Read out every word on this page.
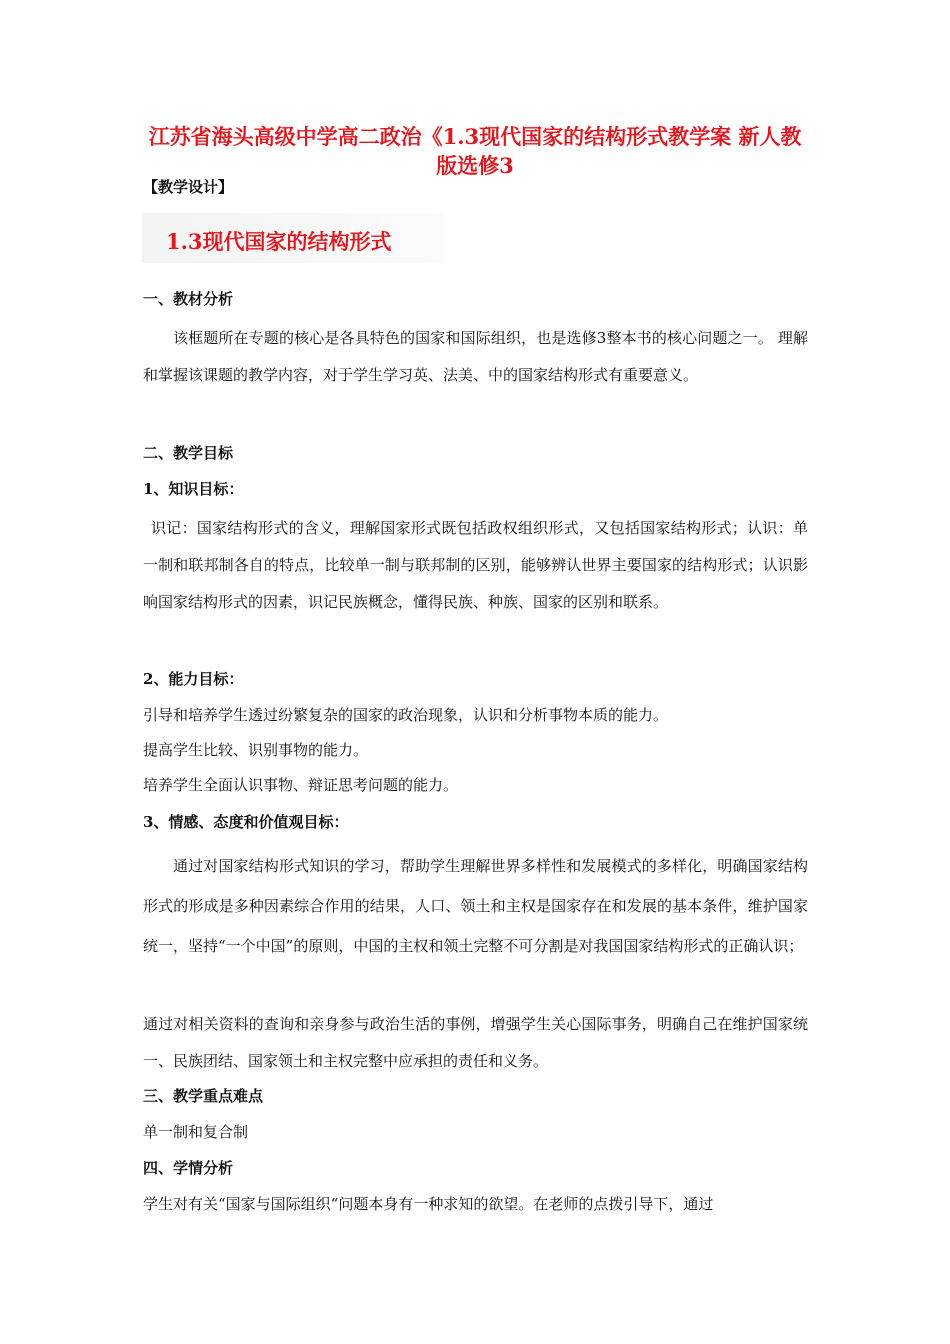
江苏省海头高级中学高二政治《1.3现代国家的结构形式教学案 新人教版选修3

【教学设计】

1.3现代国家的结构形式

一、教材分析

该框题所在专题的核心是各具特色的国家和国际组织，也是选修3整本书的核心问题之一。 理解和掌握该课题的教学内容，对于学生学习英、法美、中的国家结构形式有重要意义。

二、教学目标

1、知识目标：

识记：国家结构形式的含义，理解国家形式既包括政权组织形式，又包括国家结构形式；认识：单一制和联邦制各自的特点，比较单一制与联邦制的区别，能够辨认世界主要国家的结构形式；认识影响国家结构形式的因素，识记民族概念，懂得民族、种族、国家的区别和联系。

2、能力目标：

引导和培养学生透过纷繁复杂的国家的政治现象，认识和分析事物本质的能力。

提高学生比较、识别事物的能力。

培养学生全面认识事物、辩证思考问题的能力。

3、情感、态度和价值观目标：

通过对国家结构形式知识的学习，帮助学生理解世界多样性和发展模式的多样化，明确国家结构形式的形成是多种因素综合作用的结果，人口、领土和主权是国家存在和发展的基本条件，维护国家统一，坚持“一个中国”的原则，中国的主权和领土完整不可分割是对我国国家结构形式的正确认识；

通过对相关资料的查询和亲身参与政治生活的事例，增强学生关心国际事务，明确自己在维护国家统一、民族团结、国家领土和主权完整中应承担的责任和义务。

三、教学重点难点

单一制和复合制

四、学情分析

学生对有关“国家与国际组织“问题本身有一种求知的欲望。在老师的点拨引导下，通过
